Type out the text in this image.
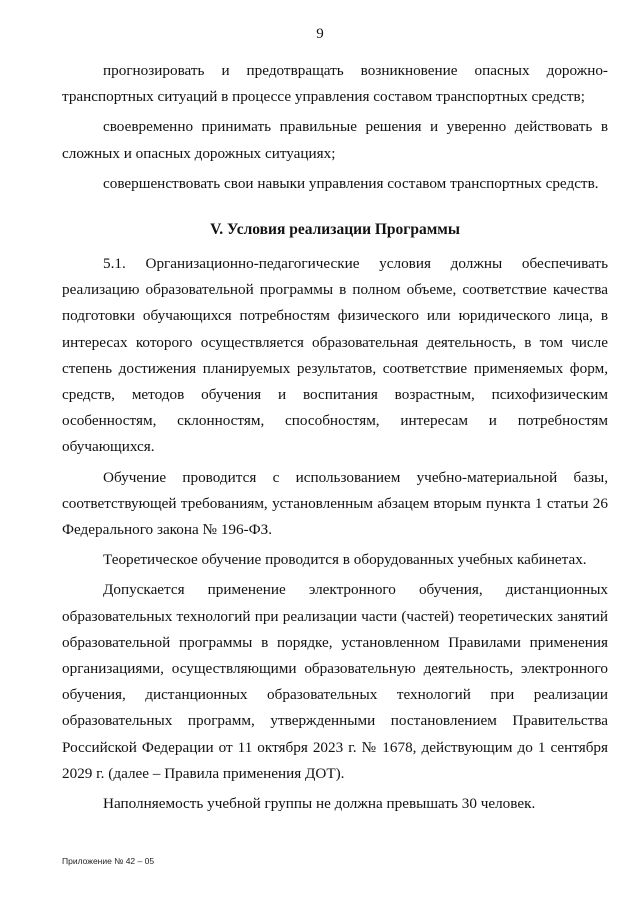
9

прогнозировать и предотвращать возникновение опасных дорожно-транспортных ситуаций в процессе управления составом транспортных средств;

своевременно принимать правильные решения и уверенно действовать в сложных и опасных дорожных ситуациях;

совершенствовать свои навыки управления составом транспортных средств.

V. Условия реализации Программы

5.1. Организационно-педагогические условия должны обеспечивать реализацию образовательной программы в полном объеме, соответствие качества подготовки обучающихся потребностям физического или юридического лица, в интересах которого осуществляется образовательная деятельность, в том числе степень достижения планируемых результатов, соответствие применяемых форм, средств, методов обучения и воспитания возрастным, психофизическим особенностям, склонностям, способностям, интересам и потребностям обучающихся.

Обучение проводится с использованием учебно-материальной базы, соответствующей требованиям, установленным абзацем вторым пункта 1 статьи 26 Федерального закона № 196-ФЗ.

Теоретическое обучение проводится в оборудованных учебных кабинетах.

Допускается применение электронного обучения, дистанционных образовательных технологий при реализации части (частей) теоретических занятий образовательной программы в порядке, установленном Правилами применения организациями, осуществляющими образовательную деятельность, электронного обучения, дистанционных образовательных технологий при реализации образовательных программ, утвержденными постановлением Правительства Российской Федерации от 11 октября 2023 г. № 1678, действующим до 1 сентября 2029 г. (далее – Правила применения ДОТ).

Наполняемость учебной группы не должна превышать 30 человек.

Приложение № 42 – 05
